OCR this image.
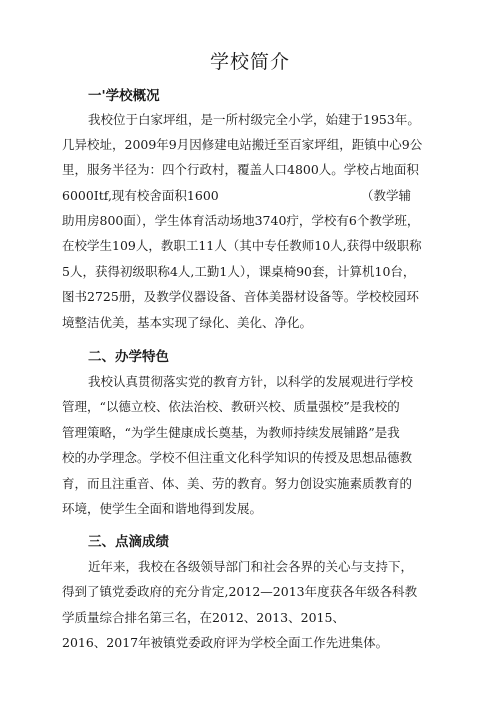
学校简介
一'学校概况
我校位于白家坪组，是一所村级完全小学，始建于1953年。
几异校址，2009年9月因修建电站搬迁至百家坪组，距镇中心9公
里，服务半径为：四个行政村，覆盖人口4800人。学校占地面积
6000Itf,现有校舍面积1600	（教学辅
助用房800面），学生体育活动场地3740疔，学校有6个教学班，
在校学生109人，教职工11人（其中专任教师10人,获得中级职称
5人，获得初级职称4人,工勤1人），课桌椅90套，计算机10台，
图书2725册，及教学仪器设备、音体美器材设备等。学校校园环
境整洁优美，基本实现了绿化、美化、净化。
二、办学特色
我校认真贯彻落实党的教育方针，以科学的发展观进行学校
管理，“以德立校、依法治校、教研兴校、质量强校”是我校的
管理策略，“为学生健康成长奠基，为教师持续发展铺路”是我
校的办学理念。学校不但注重文化科学知识的传授及思想品德教
育，而且注重音、体、美、劳的教育。努力创设实施素质教育的
环境，使学生全面和谐地得到发展。
三、点滴成绩
近年来，我校在各级领导部门和社会各界的关心与支持下，
得到了镇党委政府的充分肯定,2012—2013年度获各年级各科教
学质量综合排名第三名，在2012、2013、2015、
2016、2017年被镇党委政府评为学校全面工作先进集体。
